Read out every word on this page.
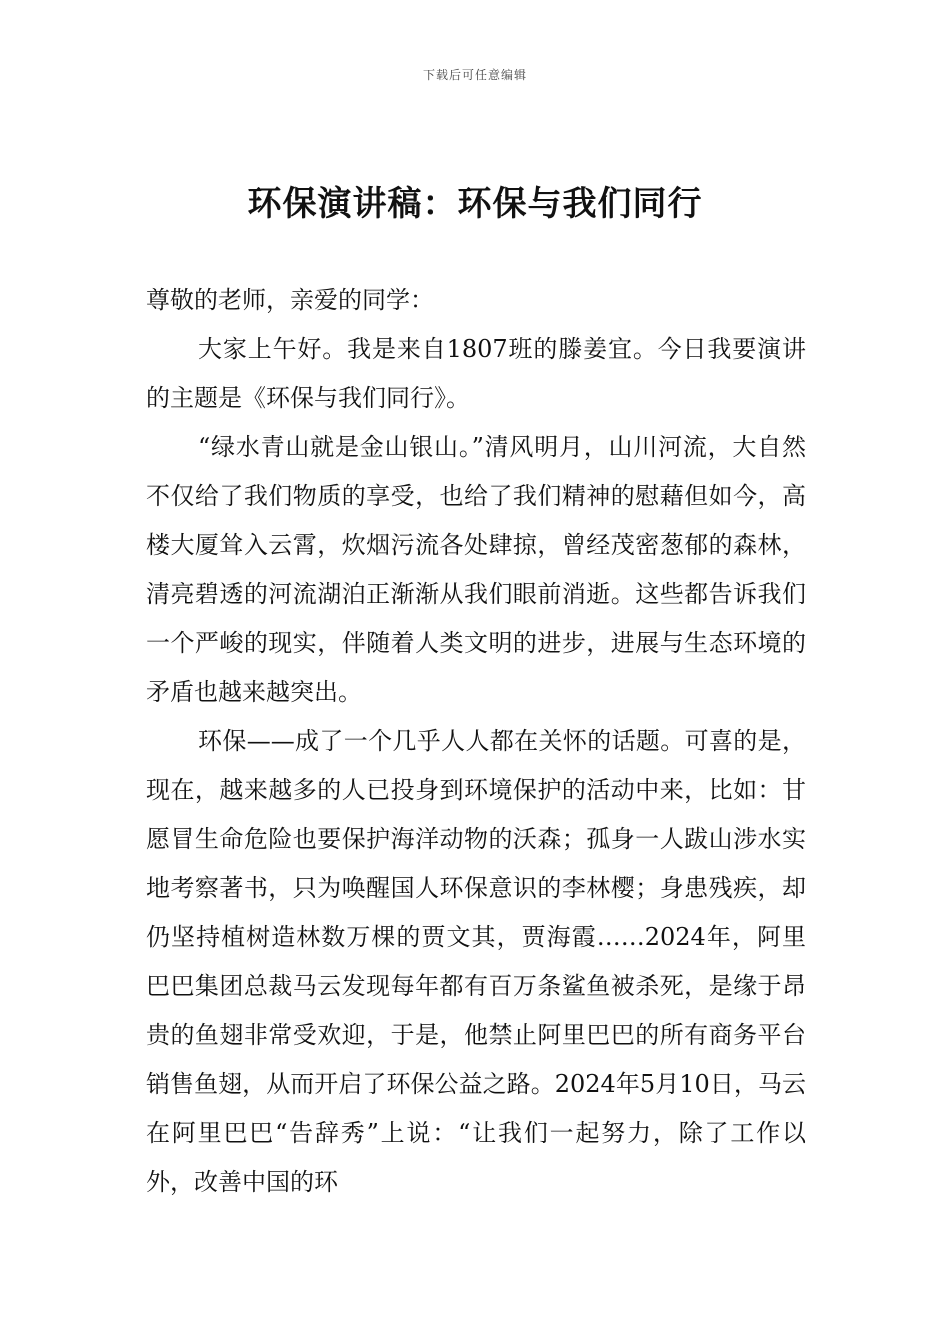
下载后可任意编辑
环保演讲稿：环保与我们同行

尊敬的老师，亲爱的同学：

大家上午好。我是来自1807班的滕姜宜。今日我要演讲的主题是《环保与我们同行》。

“绿水青山就是金山银山。”清风明月，山川河流，大自然不仅给了我们物质的享受，也给了我们精神的慰藉但如今，高楼大厦耸入云霄，炊烟污流各处肆掠，曾经茂密葱郁的森林，清亮碧透的河流湖泊正渐渐从我们眼前消逝。这些都告诉我们一个严峻的现实，伴随着人类文明的进步，进展与生态环境的矛盾也越来越突出。

环保——成了一个几乎人人都在关怀的话题。可喜的是，现在，越来越多的人已投身到环境保护的活动中来，比如：甘愿冒生命危险也要保护海洋动物的沃森；孤身一人跋山涉水实地考察著书，只为唤醒国人环保意识的李林樱；身患残疾，却仍坚持植树造林数万棵的贾文其，贾海霞……2024年，阿里巴巴集团总裁马云发现每年都有百万条鲨鱼被杀死，是缘于昂贵的鱼翅非常受欢迎，于是，他禁止阿里巴巴的所有商务平台销售鱼翅，从而开启了环保公益之路。2024年5月10日，马云在阿里巴巴“告辞秀”上说：“让我们一起努力，除了工作以外，改善中国的环
